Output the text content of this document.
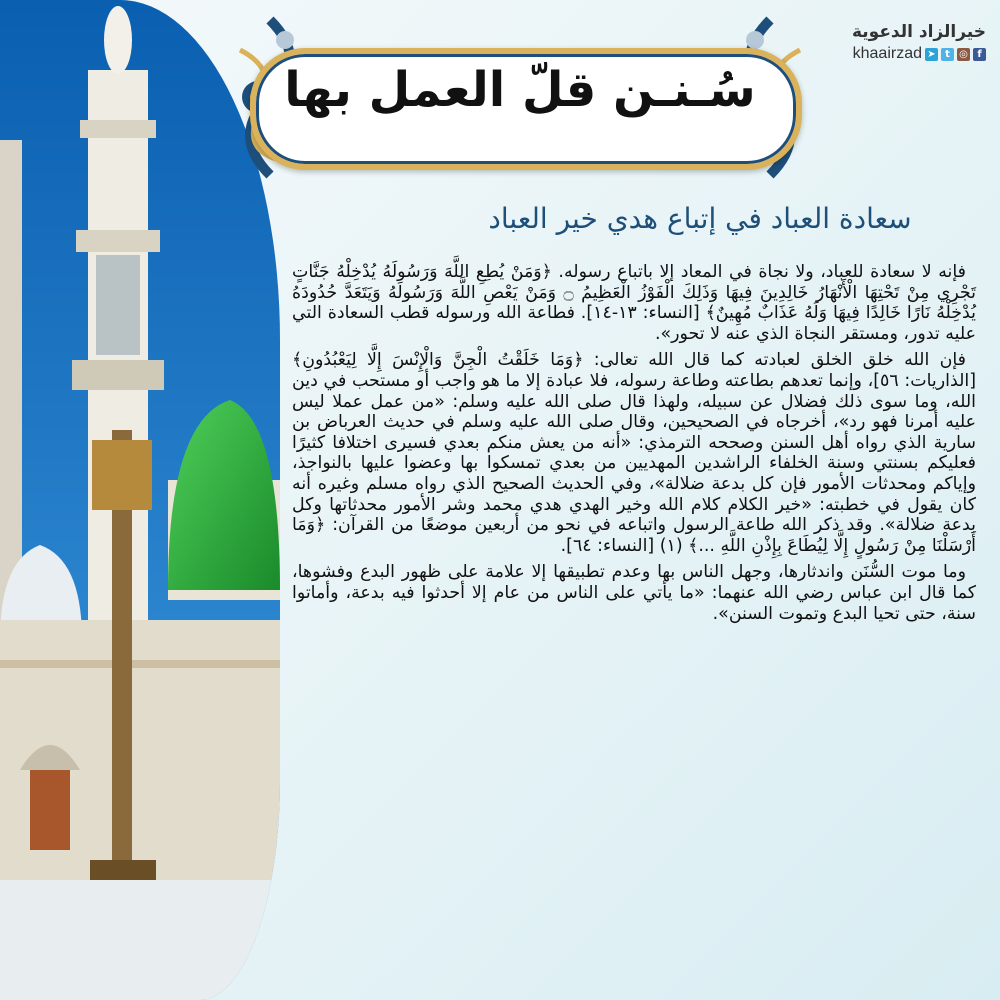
خيرالزاد الدعوية
khaairzad ➤ t ◎ f
سُـنـن قلّ العمل بها
سعادة العباد في إتباع هدي خير العباد

فإنه لا سعادة للعباد، ولا نجاة في المعاد إلا باتباع رسوله. ﴿وَمَنْ يُطِعِ اللَّهَ وَرَسُولَهُ يُدْخِلْهُ جَنَّاتٍ تَجْرِي مِنْ تَحْتِهَا الْأَنْهَارُ خَالِدِينَ فِيهَا وَذَلِكَ الْفَوْزُ الْعَظِيمُ ۝ وَمَنْ يَعْصِ اللَّهَ وَرَسُولَهُ وَيَتَعَدَّ حُدُودَهُ يُدْخِلْهُ نَارًا خَالِدًا فِيهَا وَلَهُ عَذَابٌ مُهِينٌ﴾ [النساء: ١٣-١٤]. فطاعة الله ورسوله قطب السعادة التي عليه تدور، ومستقر النجاة الذي عنه لا تحور».

فإن الله خلق الخلق لعبادته كما قال الله تعالى: ﴿وَمَا خَلَقْتُ الْجِنَّ وَالْإِنْسَ إِلَّا لِيَعْبُدُونِ﴾ [الذاريات: ٥٦]، وإنما تعدهم بطاعته وطاعة رسوله، فلا عبادة إلا ما هو واجب أو مستحب في دين الله، وما سوى ذلك فضلال عن سبيله، ولهذا قال صلى الله عليه وسلم: «من عمل عملا ليس عليه أمرنا فهو رد»، أخرجاه في الصحيحين، وقال صلى الله عليه وسلم في حديث العرباض بن سارية الذي رواه أهل السنن وصححه الترمذي: «أنه من يعش منكم بعدي فسيرى اختلافا كثيرًا فعليكم بسنتي وسنة الخلفاء الراشدين المهديين من بعدي تمسكوا بها وعضوا عليها بالنواجذ، وإياكم ومحدثات الأمور فإن كل بدعة ضلالة»، وفي الحديث الصحيح الذي رواه مسلم وغيره أنه كان يقول في خطبته: «خير الكلام كلام الله وخير الهدي هدي محمد وشر الأمور محدثاتها وكل بدعة ضلالة». وقد ذكر الله طاعة الرسول واتباعه في نحو من أربعين موضعًا من القرآن: ﴿وَمَا أَرْسَلْنَا مِنْ رَسُولٍ إِلَّا لِيُطَاعَ بِإِذْنِ اللَّهِ ...﴾ (١) [النساء: ٦٤].

وما موت السُّنَن واندثارها، وجهل الناس بها وعدم تطبيقها إلا علامة على ظهور البدع وفشوها، كما قال ابن عباس رضي الله عنهما: «ما يأتي على الناس من عام إلا أحدثوا فيه بدعة، وأماتوا سنة، حتى تحيا البدع وتموت السنن».
